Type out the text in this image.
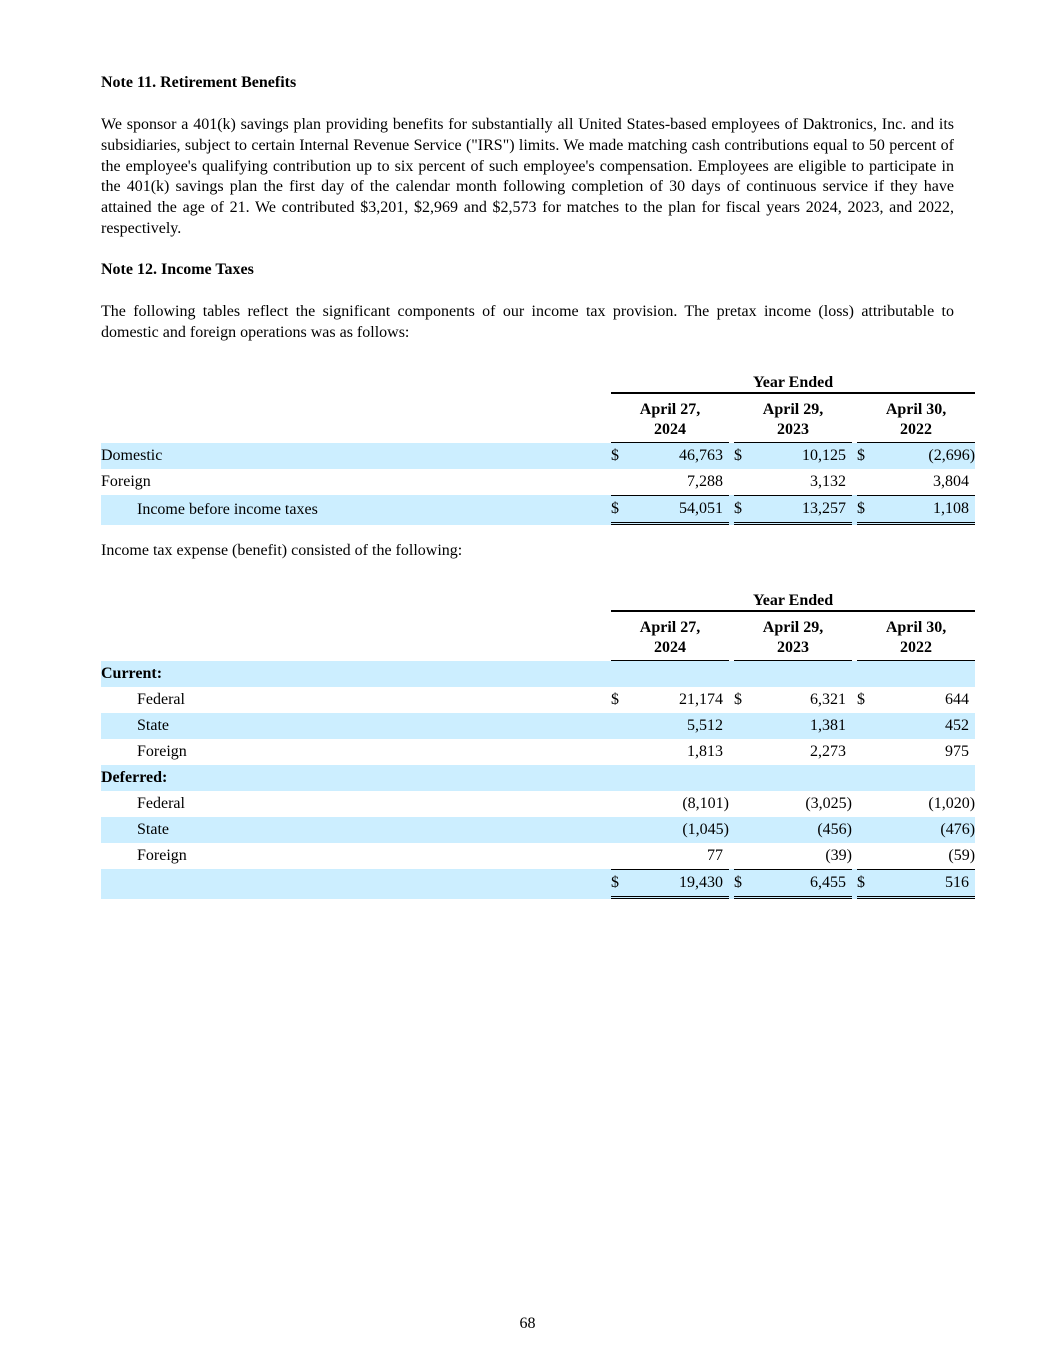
Note 11. Retirement Benefits

We sponsor a 401(k) savings plan providing benefits for substantially all United States-based employees of Daktronics, Inc. and its subsidiaries, subject to certain Internal Revenue Service ("IRS") limits. We made matching cash contributions equal to 50 percent of the employee's qualifying contribution up to six percent of such employee's compensation. Employees are eligible to participate in the 401(k) savings plan the first day of the calendar month following completion of 30 days of continuous service if they have attained the age of 21. We contributed $3,201, $2,969 and $2,573 for matches to the plan for fiscal years 2024, 2023, and 2022, respectively.

Note 12. Income Taxes

The following tables reflect the significant components of our income tax provision. The pretax income (loss) attributable to domestic and foreign operations was as follows:

		Year Ended										
		April 27,
2024				April 29,
2023				April 30,
2022		
Domestic		$	46,763			$	10,125			$	(2,696)	
Foreign			7,288				3,132				3,804	
Income before income taxes		$	54,051			$	13,257			$	1,108	

Income tax expense (benefit) consisted of the following:

		Year Ended										
		April 27,
2024				April 29,
2023				April 30,
2022		
Current:												
Federal		$	21,174			$	6,321			$	644	
State			5,512				1,381				452	
Foreign			1,813				2,273				975	
Deferred:												
Federal			(8,101)				(3,025)				(1,020)	
State			(1,045)				(456)				(476)	
Foreign			77				(39)				(59)	
		$	19,430			$	6,455			$	516	
68
